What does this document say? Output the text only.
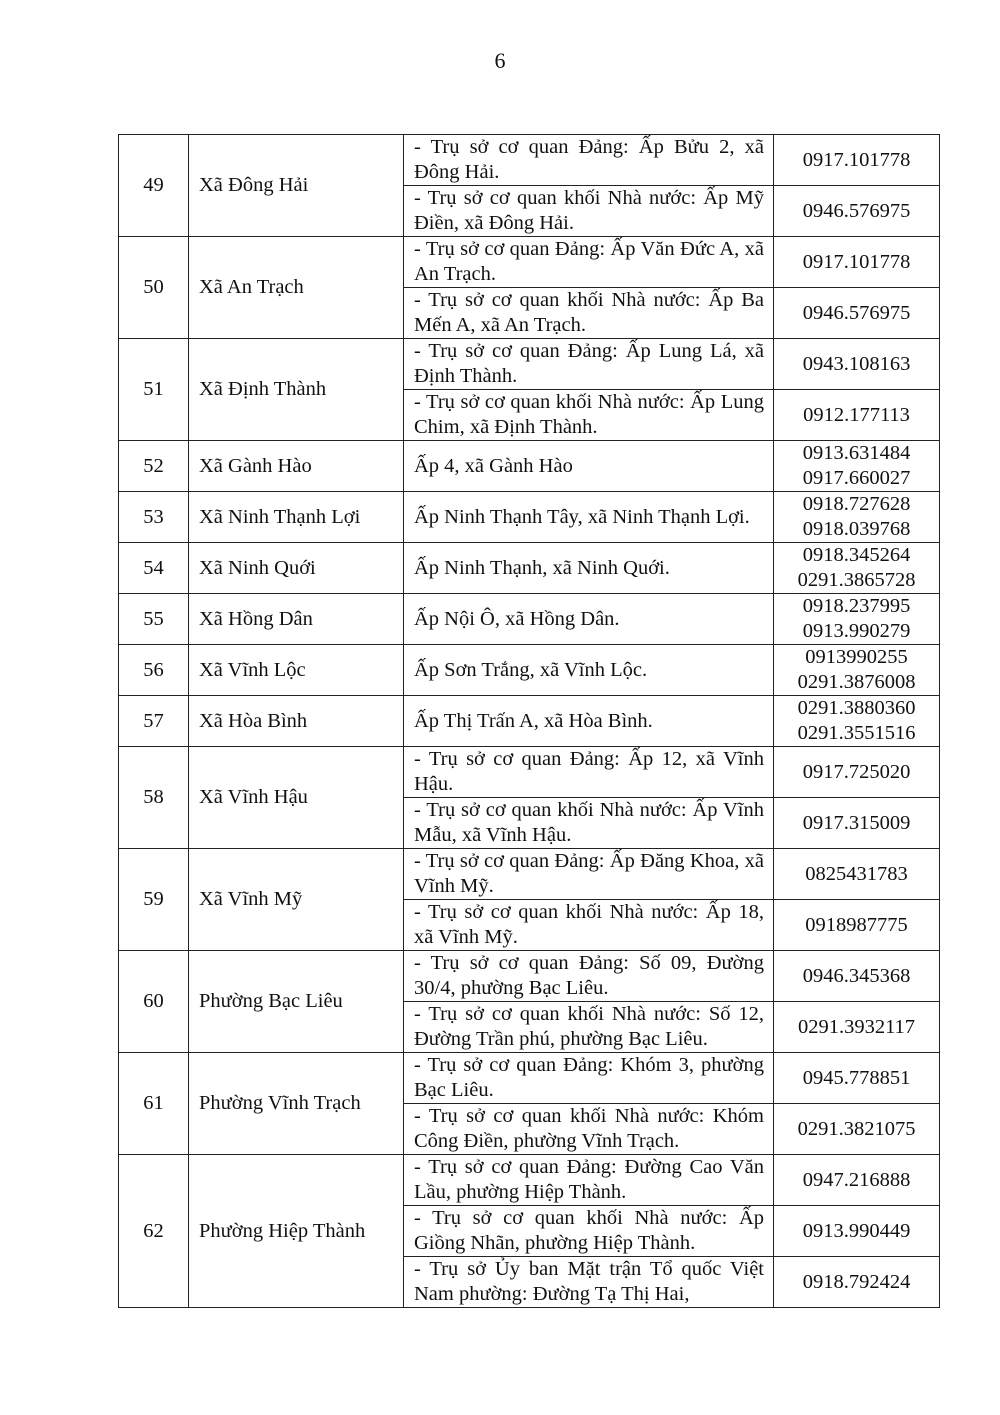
6
49	Xã Đông Hải	- Trụ sở cơ quan Đảng: Ấp Bửu 2, xã Đông Hải.	0917.101778

		- Trụ sở cơ quan khối Nhà nước: Ấp Mỹ Điền, xã Đông Hải.	0946.576975

50	Xã An Trạch	- Trụ sở cơ quan Đảng: Ấp Văn Đức A, xã An Trạch.	0917.101778

		- Trụ sở cơ quan khối Nhà nước: Ấp Ba Mến A, xã An Trạch.	0946.576975

51	Xã Định Thành	- Trụ sở cơ quan Đảng: Ấp Lung Lá, xã Định Thành.	0943.108163

		- Trụ sở cơ quan khối Nhà nước: Ấp Lung Chim, xã Định Thành.	0912.177113

52	Xã Gành Hào	Ấp 4, xã Gành Hào	0913.631484
0917.660027

53	Xã Ninh Thạnh Lợi	Ấp Ninh Thạnh Tây, xã Ninh Thạnh Lợi.	0918.727628
0918.039768

54	Xã Ninh Quới	Ấp Ninh Thạnh, xã Ninh Quới.	0918.345264
0291.3865728

55	Xã Hồng Dân	Ấp Nội Ô, xã Hồng Dân.	0918.237995
0913.990279

56	Xã Vĩnh Lộc	Ấp Sơn Trắng, xã Vĩnh Lộc.	0913990255
0291.3876008

57	Xã Hòa Bình	Ấp Thị Trấn A, xã Hòa Bình.	0291.3880360
0291.3551516

58	Xã Vĩnh Hậu	- Trụ sở cơ quan Đảng: Ấp 12, xã Vĩnh Hậu.	0917.725020

		- Trụ sở cơ quan khối Nhà nước: Ấp Vĩnh Mẫu, xã Vĩnh Hậu.	0917.315009

59	Xã Vĩnh Mỹ	- Trụ sở cơ quan Đảng: Ấp Đăng Khoa, xã Vĩnh Mỹ.	0825431783

		- Trụ sở cơ quan khối Nhà nước: Ấp 18, xã Vĩnh Mỹ.	0918987775

60	Phường Bạc Liêu	- Trụ sở cơ quan Đảng: Số 09, Đường 30/4, phường Bạc Liêu.	0946.345368

		- Trụ sở cơ quan khối Nhà nước: Số 12, Đường Trần phú, phường Bạc Liêu.	0291.3932117

61	Phường Vĩnh Trạch	- Trụ sở cơ quan Đảng: Khóm 3, phường Bạc Liêu.	0945.778851

		- Trụ sở cơ quan khối Nhà nước: Khóm Công Điền, phường Vĩnh Trạch.	0291.3821075

62	Phường Hiệp Thành	- Trụ sở cơ quan Đảng: Đường Cao Văn Lầu, phường Hiệp Thành.	0947.216888

		- Trụ sở cơ quan khối Nhà nước: Ấp Giồng Nhãn, phường Hiệp Thành.	0913.990449

		- Trụ sở Ủy ban Mặt trận Tổ quốc Việt Nam phường: Đường Tạ Thị Hai,	0918.792424
